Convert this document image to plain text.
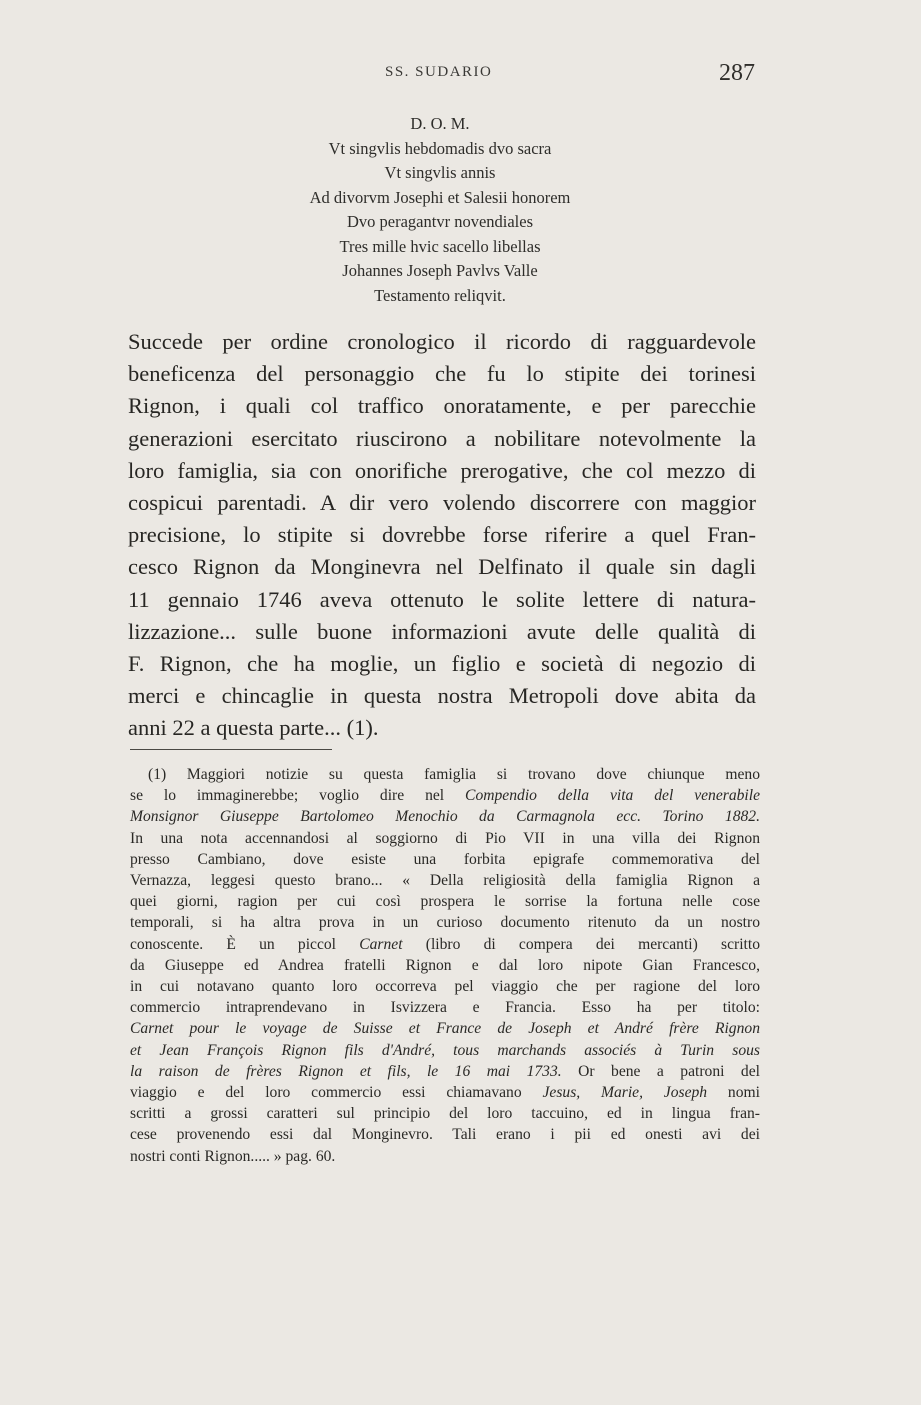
SS. SUDARIO	287
D. O. M.
Vt singvlis hebdomadis dvo sacra
Vt singvlis annis
Ad divorvm Josephi et Salesii honorem
Dvo peragantvr novendiales
Tres mille hvic sacello libellas
Johannes Joseph Pavlvs Valle
Testamento reliqvit.
Succede per ordine cronologico il ricordo di ragguardevole
beneficenza del personaggio che fu lo stipite dei torinesi
Rignon, i quali col traffico onoratamente, e per parecchie
generazioni esercitato riuscirono a nobilitare notevolmente la
loro famiglia, sia con onorifiche prerogative, che col mezzo di
cospicui parentadi. A dir vero volendo discorrere con maggior
precisione, lo stipite si dovrebbe forse riferire a quel Fran-
cesco Rignon da Monginevra nel Delfinato il quale sin dagli
11 gennaio 1746 aveva ottenuto le solite lettere di natura-
lizzazione... sulle buone informazioni avute delle qualità di
F. Rignon, che ha moglie, un figlio e società di negozio di
merci e chincaglie in questa nostra Metropoli dove abita da
anni 22 a questa parte... (1).
(1) Maggiori notizie su questa famiglia si trovano dove chiunque meno
se lo immaginerebbe; voglio dire nel Compendio della vita del venerabile
Monsignor Giuseppe Bartolomeo Menochio da Carmagnola ecc. Torino 1882.
In una nota accennandosi al soggiorno di Pio VII in una villa dei Rignon
presso Cambiano, dove esiste una forbita epigrafe commemorativa del
Vernazza, leggesi questo brano... « Della religiosità della famiglia Rignon a
quei giorni, ragion per cui così prospera le sorrise la fortuna nelle cose
temporali, si ha altra prova in un curioso documento ritenuto da un nostro
conoscente. È un piccol Carnet (libro di compera dei mercanti) scritto
da Giuseppe ed Andrea fratelli Rignon e dal loro nipote Gian Francesco,
in cui notavano quanto loro occorreva pel viaggio che per ragione del loro
commercio intraprendevano in Isvizzera e Francia. Esso ha per titolo:
Carnet pour le voyage de Suisse et France de Joseph et André frère Rignon
et Jean François Rignon fils d'André, tous marchands associés à Turin sous
la raison de frères Rignon et fils, le 16 mai 1733. Or bene a patroni del
viaggio e del loro commercio essi chiamavano Jesus, Marie, Joseph nomi
scritti a grossi caratteri sul principio del loro taccuino, ed in lingua fran-
cese provenendo essi dal Monginevro. Tali erano i pii ed onesti avi dei
nostri conti Rignon..... » pag. 60.
